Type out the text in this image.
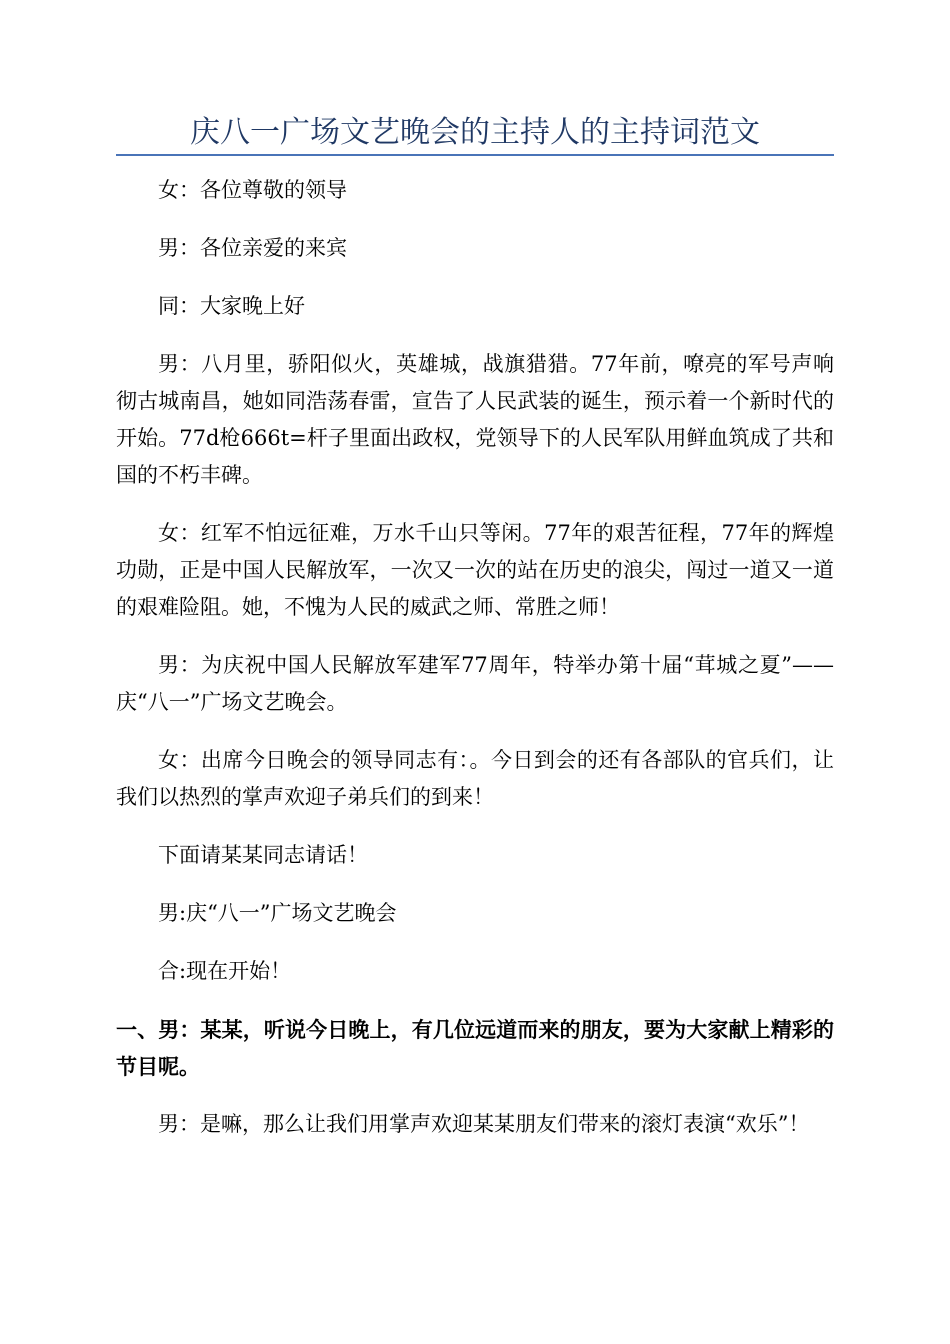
庆八一广场文艺晚会的主持人的主持词范文

女：各位尊敬的领导

男：各位亲爱的来宾

同：大家晚上好

男：八月里，骄阳似火，英雄城，战旗猎猎。77年前，嘹亮的军号声响彻古城南昌，她如同浩荡春雷，宣告了人民武装的诞生，预示着一个新时代的开始。77d枪666t=杆子里面出政权，党领导下的人民军队用鲜血筑成了共和国的不朽丰碑。

女：红军不怕远征难，万水千山只等闲。77年的艰苦征程，77年的辉煌功勋，正是中国人民解放军，一次又一次的站在历史的浪尖，闯过一道又一道的艰难险阻。她，不愧为人民的威武之师、常胜之师！

男：为庆祝中国人民解放军建军77周年，特举办第十届“茸城之夏”——庆“八一”广场文艺晚会。

女：出席今日晚会的领导同志有：。今日到会的还有各部队的官兵们，让我们以热烈的掌声欢迎子弟兵们的到来！

下面请某某同志请话！

男:庆“八一”广场文艺晚会

合:现在开始！

一、男：某某，听说今日晚上，有几位远道而来的朋友，要为大家献上精彩的节目呢。

男：是嘛，那么让我们用掌声欢迎某某朋友们带来的滚灯表演“欢乐”！
